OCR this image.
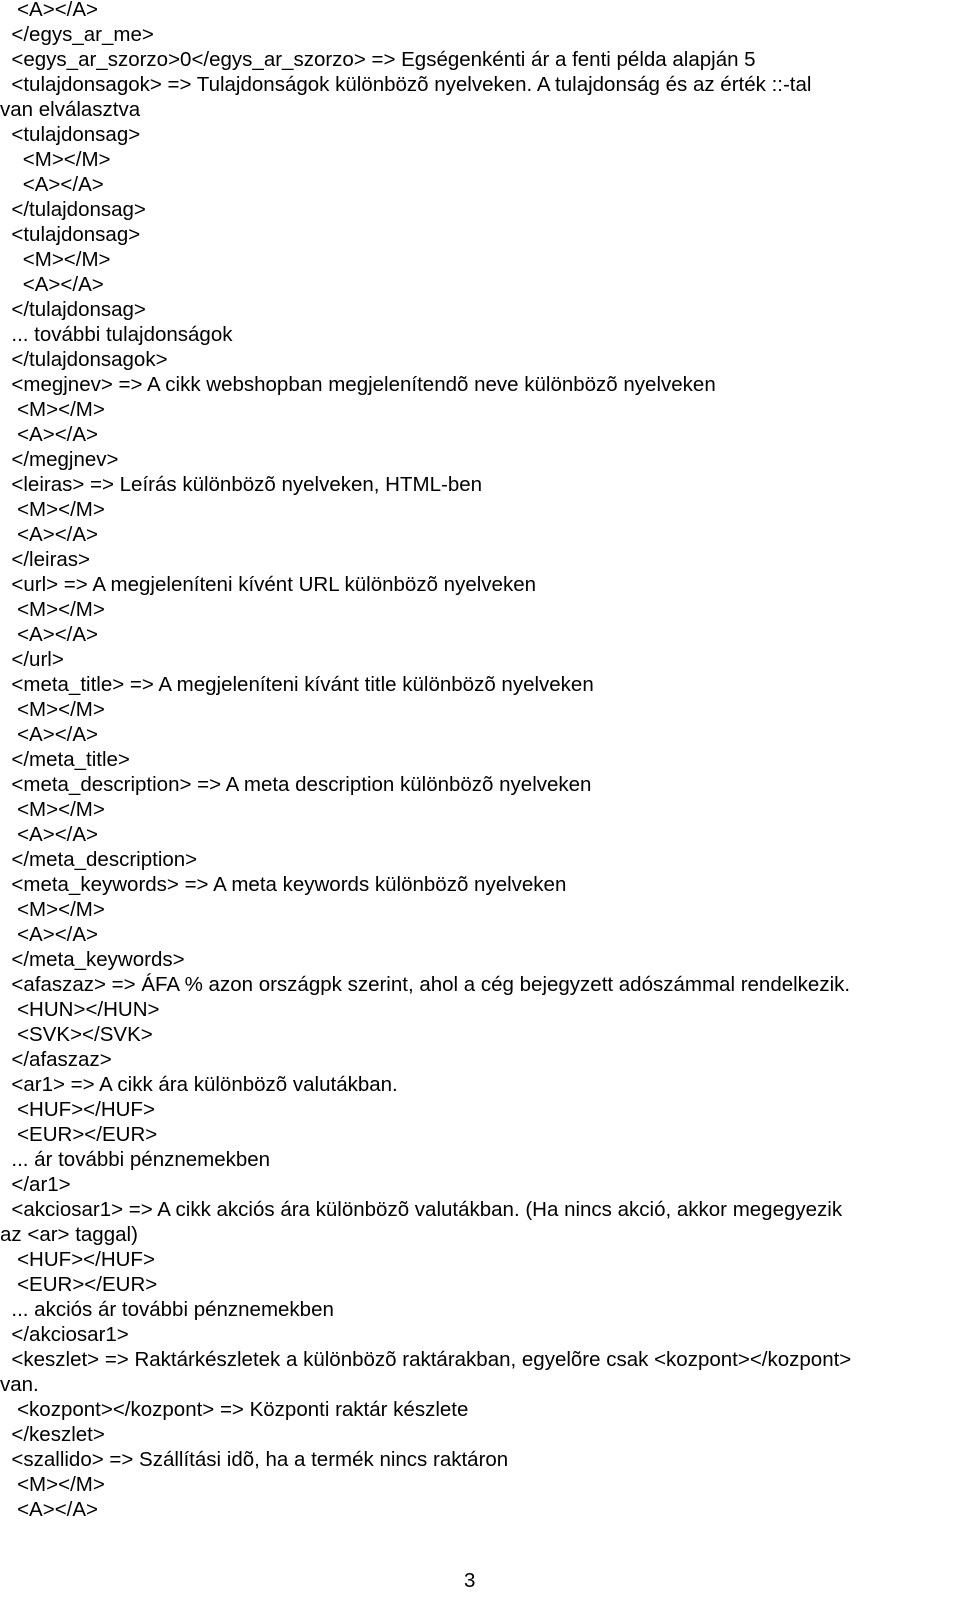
<A></A>
</egys_ar_me>
<egys_ar_szorzo>0</egys_ar_szorzo> => Egségenkénti ár a fenti példa alapján 5
<tulajdonsagok> => Tulajdonságok különbözõ nyelveken. A tulajdonság és az érték ::-tal
van elválasztva
<tulajdonsag>
<M></M>
<A></A>
</tulajdonsag>
<tulajdonsag>
<M></M>
<A></A>
</tulajdonsag>
... további tulajdonságok
</tulajdonsagok>
<megjnev> => A cikk webshopban megjelenítendõ neve különbözõ nyelveken
<M></M>
<A></A>
</megjnev>
<leiras> => Leírás különbözõ nyelveken, HTML-ben
<M></M>
<A></A>
</leiras>
<url> => A megjeleníteni kívént URL különbözõ nyelveken
<M></M>
<A></A>
</url>
<meta_title> => A megjeleníteni kívánt title különbözõ nyelveken
<M></M>
<A></A>
</meta_title>
<meta_description> => A meta description különbözõ nyelveken
<M></M>
<A></A>
</meta_description>
<meta_keywords> => A meta keywords különbözõ nyelveken
<M></M>
<A></A>
</meta_keywords>
<afaszaz> => ÁFA % azon országpk szerint, ahol a cég bejegyzett adószámmal rendelkezik.
<HUN></HUN>
<SVK></SVK>
</afaszaz>
<ar1> => A cikk ára különbözõ valutákban.
<HUF></HUF>
<EUR></EUR>
... ár további pénznemekben
</ar1>
<akciosar1> => A cikk akciós ára különbözõ valutákban. (Ha nincs akció, akkor megegyezik
az <ar> taggal)
<HUF></HUF>
<EUR></EUR>
... akciós ár további pénznemekben
</akciosar1>
<keszlet> => Raktárkészletek a különbözõ raktárakban, egyelõre csak <kozpont></kozpont>
van.
<kozpont></kozpont> => Központi raktár készlete
</keszlet>
<szallido> => Szállítási idõ, ha a termék nincs raktáron
<M></M>
<A></A>
3
